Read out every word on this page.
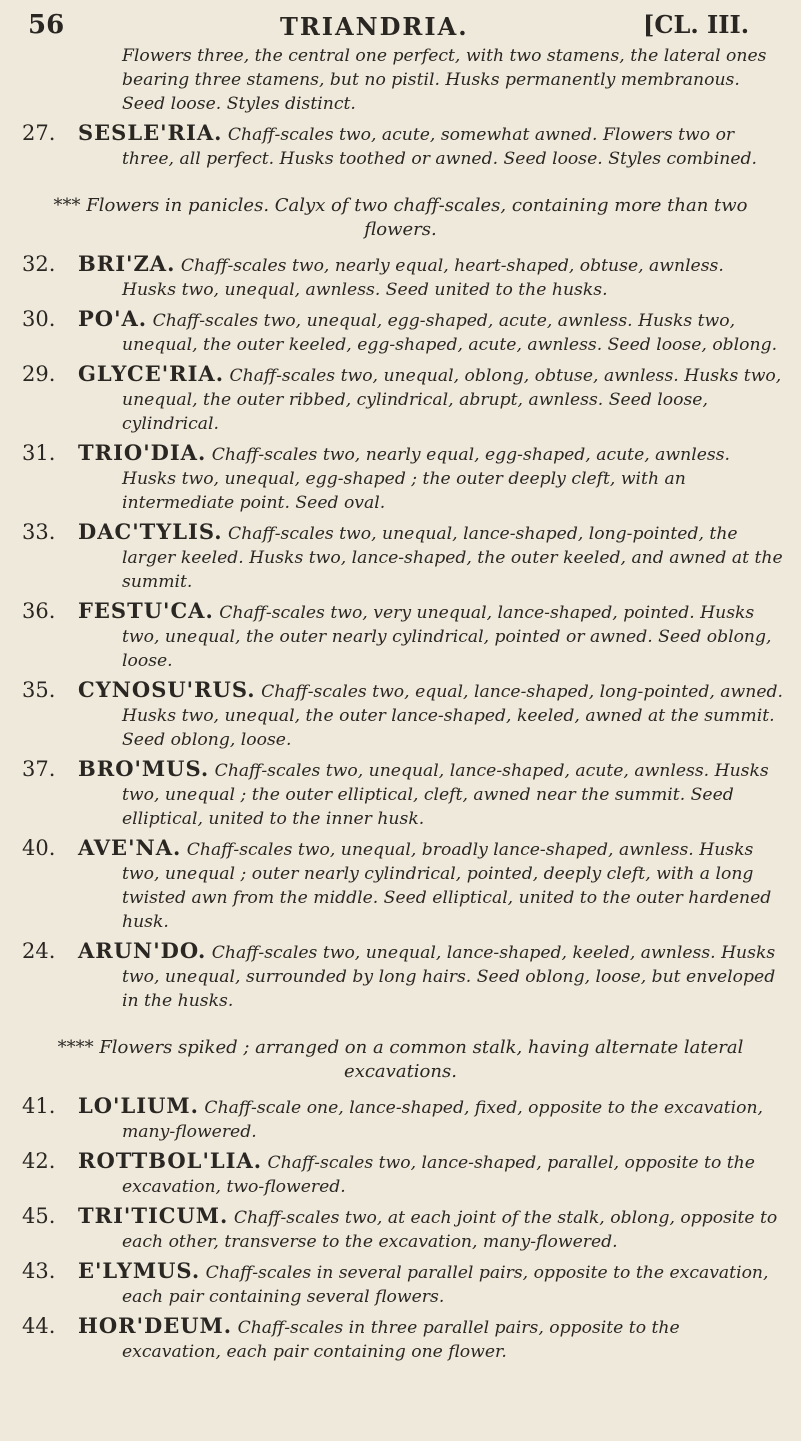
56	TRIANDRIA.	[CL. III.
Flowers three, the central one perfect, with two stamens, the lateral ones bearing three stamens, but no pistil. Husks permanently membranous. Seed loose. Styles distinct.
27.	SESLE'RIA. Chaff-scales two, acute, somewhat awned. Flowers two or three, all perfect. Husks toothed or awned. Seed loose. Styles combined.
*** Flowers in panicles. Calyx of two chaff-scales, containing more than two flowers.
32.	BRI'ZA. Chaff-scales two, nearly equal, heart-shaped, obtuse, awnless. Husks two, unequal, awnless. Seed united to the husks.
30.	PO'A. Chaff-scales two, unequal, egg-shaped, acute, awnless. Husks two, unequal, the outer keeled, egg-shaped, acute, awnless. Seed loose, oblong.
29.	GLYCE'RIA. Chaff-scales two, unequal, oblong, obtuse, awnless. Husks two, unequal, the outer ribbed, cylindrical, abrupt, awnless. Seed loose, cylindrical.
31.	TRIO'DIA. Chaff-scales two, nearly equal, egg-shaped, acute, awnless. Husks two, unequal, egg-shaped ; the outer deeply cleft, with an intermediate point. Seed oval.
33.	DAC'TYLIS. Chaff-scales two, unequal, lance-shaped, long-pointed, the larger keeled. Husks two, lance-shaped, the outer keeled, and awned at the summit.
36.	FESTU'CA. Chaff-scales two, very unequal, lance-shaped, pointed. Husks two, unequal, the outer nearly cylindrical, pointed or awned. Seed oblong, loose.
35.	CYNOSU'RUS. Chaff-scales two, equal, lance-shaped, long-pointed, awned. Husks two, unequal, the outer lance-shaped, keeled, awned at the summit. Seed oblong, loose.
37.	BRO'MUS. Chaff-scales two, unequal, lance-shaped, acute, awnless. Husks two, unequal ; the outer elliptical, cleft, awned near the summit. Seed elliptical, united to the inner husk.
40.	AVE'NA. Chaff-scales two, unequal, broadly lance-shaped, awnless. Husks two, unequal ; outer nearly cylindrical, pointed, deeply cleft, with a long twisted awn from the middle. Seed elliptical, united to the outer hardened husk.
24.	ARUN'DO. Chaff-scales two, unequal, lance-shaped, keeled, awnless. Husks two, unequal, surrounded by long hairs. Seed oblong, loose, but enveloped in the husks.
**** Flowers spiked ; arranged on a common stalk, having alternate lateral excavations.
41.	LO'LIUM. Chaff-scale one, lance-shaped, fixed, opposite to the excavation, many-flowered.
42.	ROTTBOL'LIA. Chaff-scales two, lance-shaped, parallel, opposite to the excavation, two-flowered.
45.	TRI'TICUM. Chaff-scales two, at each joint of the stalk, oblong, opposite to each other, transverse to the excavation, many-flowered.
43.	E'LYMUS. Chaff-scales in several parallel pairs, opposite to the excavation, each pair containing several flowers.
44.	HOR'DEUM. Chaff-scales in three parallel pairs, opposite to the excavation, each pair containing one flower.
